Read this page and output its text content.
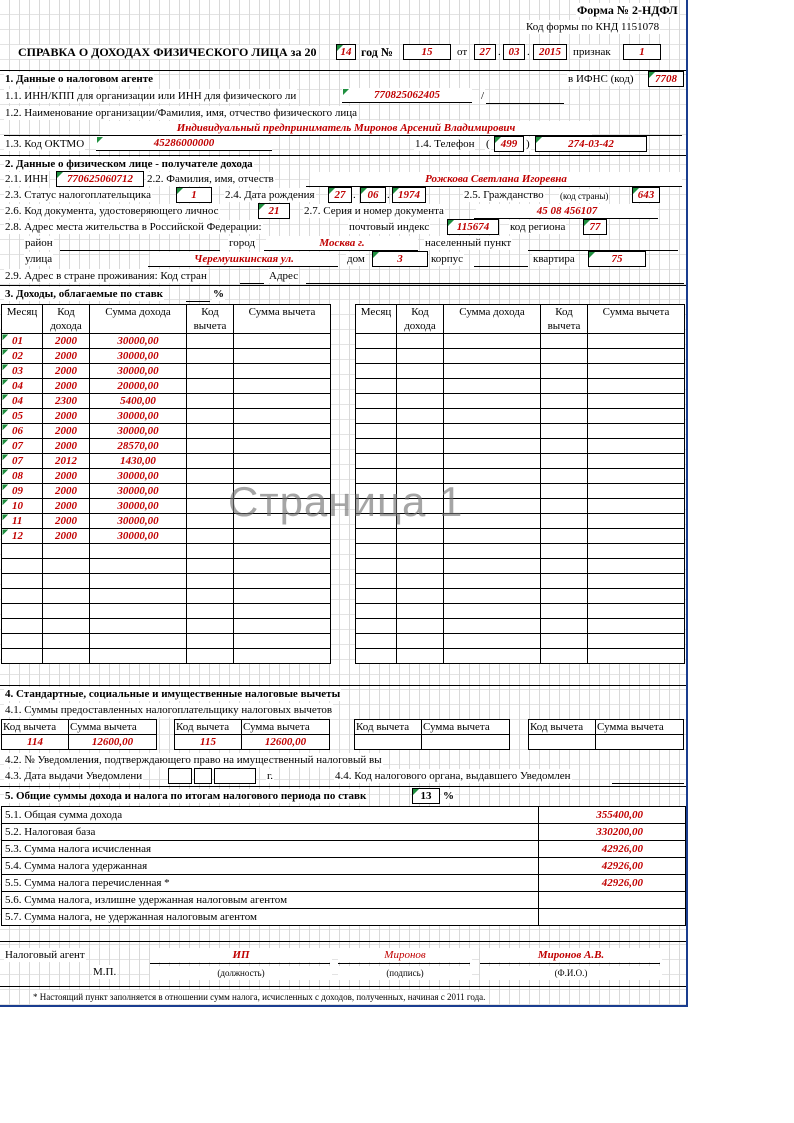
Форма № 2-НДФЛ
Код формы по КНД 1151078
СПРАВКА О ДОХОДАХ ФИЗИЧЕСКОГО ЛИЦА за 20	14 год №	15	от	27	03	2015
. .	признак	1
1. Данные о налоговом агенте	в ИФНС (код)	7708
1.1. ИНН/КПП для организации или ИНН для физического ли	770825062405	/
1.2. Наименование организации/Фамилия, имя, отчество физического лица
Индивидуальный предприниматель Миронов Арсений Владимирович
1.3. Код ОКТМО	45286000000	1.4. Телефон (	499 )	274-03-42
2. Данные о физическом лице - получателе дохода
2.1. ИНН	770625060712	2.2. Фамилия, имя, отчеств	Рожкова Светлана Игоревна
2.3. Статус налогоплательщика	1	2.4. Дата рождения	27 .	06 . 1974	2.5. Гражданство (код страны)	643
2.6. Код документа, удостоверяющего личнос	21	2.7. Серия и номер документа	45 08 456107
2.8. Адрес места жительства в Российской Федерации:	почтовый индекс	115674	код региона	77
район	город	Москва г.	населенный пункт
улица	Черемушкинская ул.	дом	3	корпус	квартира	75
2.9. Адрес в стране проживания: Код стран	Адрес
3. Доходы, облагаемые по ставк	%
Месяц	Код дохода	Сумма дохода	Код вычета	Сумма вычета
01	2000	30000,00		
02	2000	30000,00		
03	2000	30000,00		
04	2000	20000,00		
04	2300	5400,00		
05	2000	30000,00		
06	2000	30000,00		
07	2000	28570,00		
07	2012	1430,00		
08	2000	30000,00		
09	2000	30000,00		
10	2000	30000,00		
11	2000	30000,00		
12	2000	30000,00		

Месяц	Код дохода	Сумма дохода	Код вычета	Сумма вычета

Страница 1
4. Стандартные, социальные и имущественные налоговые вычеты
4.1. Суммы предоставленных налогоплательщику налоговых вычетов
Код вычета	Сумма вычета
114	12600,00
Код вычета	Сумма вычета
115	12600,00
Код вычета	Сумма вычета
		Код вычета	Сумма вычета

4.2. № Уведомления, подтверждающего право на имущественный налоговый вы
4.3. Дата выдачи Уведомлени	г.	4.4. Код налогового органа, выдавшего Уведомлен
5. Общие суммы дохода и налога по итогам налогового периода по ставк	13	%
5.1. Общая сумма дохода	355400,00
5.2. Налоговая база	330200,00
5.3. Сумма налога исчисленная	42926,00
5.4. Сумма налога удержанная	42926,00
5.5. Сумма налога перечисленная *	42926,00
5.6. Сумма налога, излишне удержанная налоговым агентом	
5.7. Сумма налога, не удержанная налоговым агентом	
Налоговый агент	ИП	Миронов	Миронов А.В.
М.П.	(должность)	(подпись)	(Ф.И.О.)
* Настоящий пункт заполняется в отношении сумм налога, исчисленных с доходов, полученных, начиная с 2011 года.
